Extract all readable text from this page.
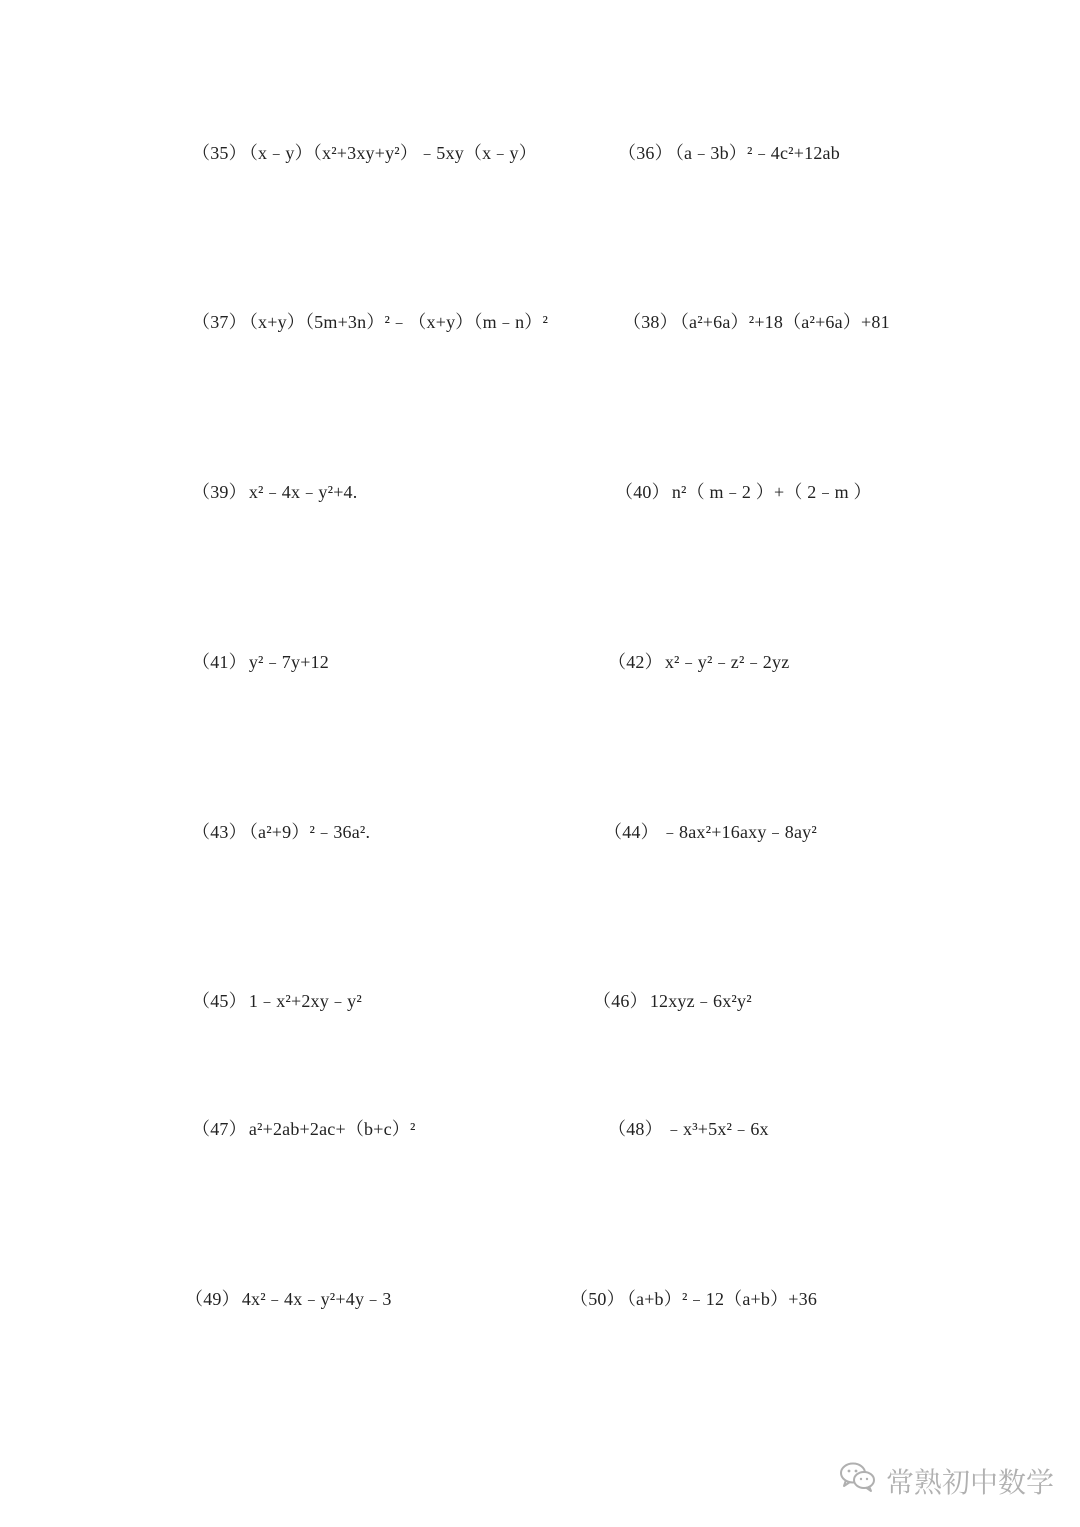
（35） （x﹣y）（x²+3xy+y²）﹣5xy（x﹣y）	（36） （a﹣3b）²﹣4c²+12ab
（37） （x+y）（5m+3n）²﹣（x+y）（m﹣n）²	（38） （a²+6a）²+18（a²+6a）+81
（39） x²﹣4x﹣y²+4.	（40） n²（ m﹣2 ）+（ 2﹣m ）
（41） y²﹣7y+12	（42） x²﹣y²﹣z²﹣2yz
（43） （a²+9）²﹣36a².	（44） ﹣8ax²+16axy﹣8ay²
（45） 1﹣x²+2xy﹣y²	（46） 12xyz﹣6x²y²
（47） a²+2ab+2ac+（b+c）²	（48） ﹣x³+5x²﹣6x
（49） 4x²﹣4x﹣y²+4y﹣3	（50） （a+b）²﹣12（a+b）+36
常熟初中数学
